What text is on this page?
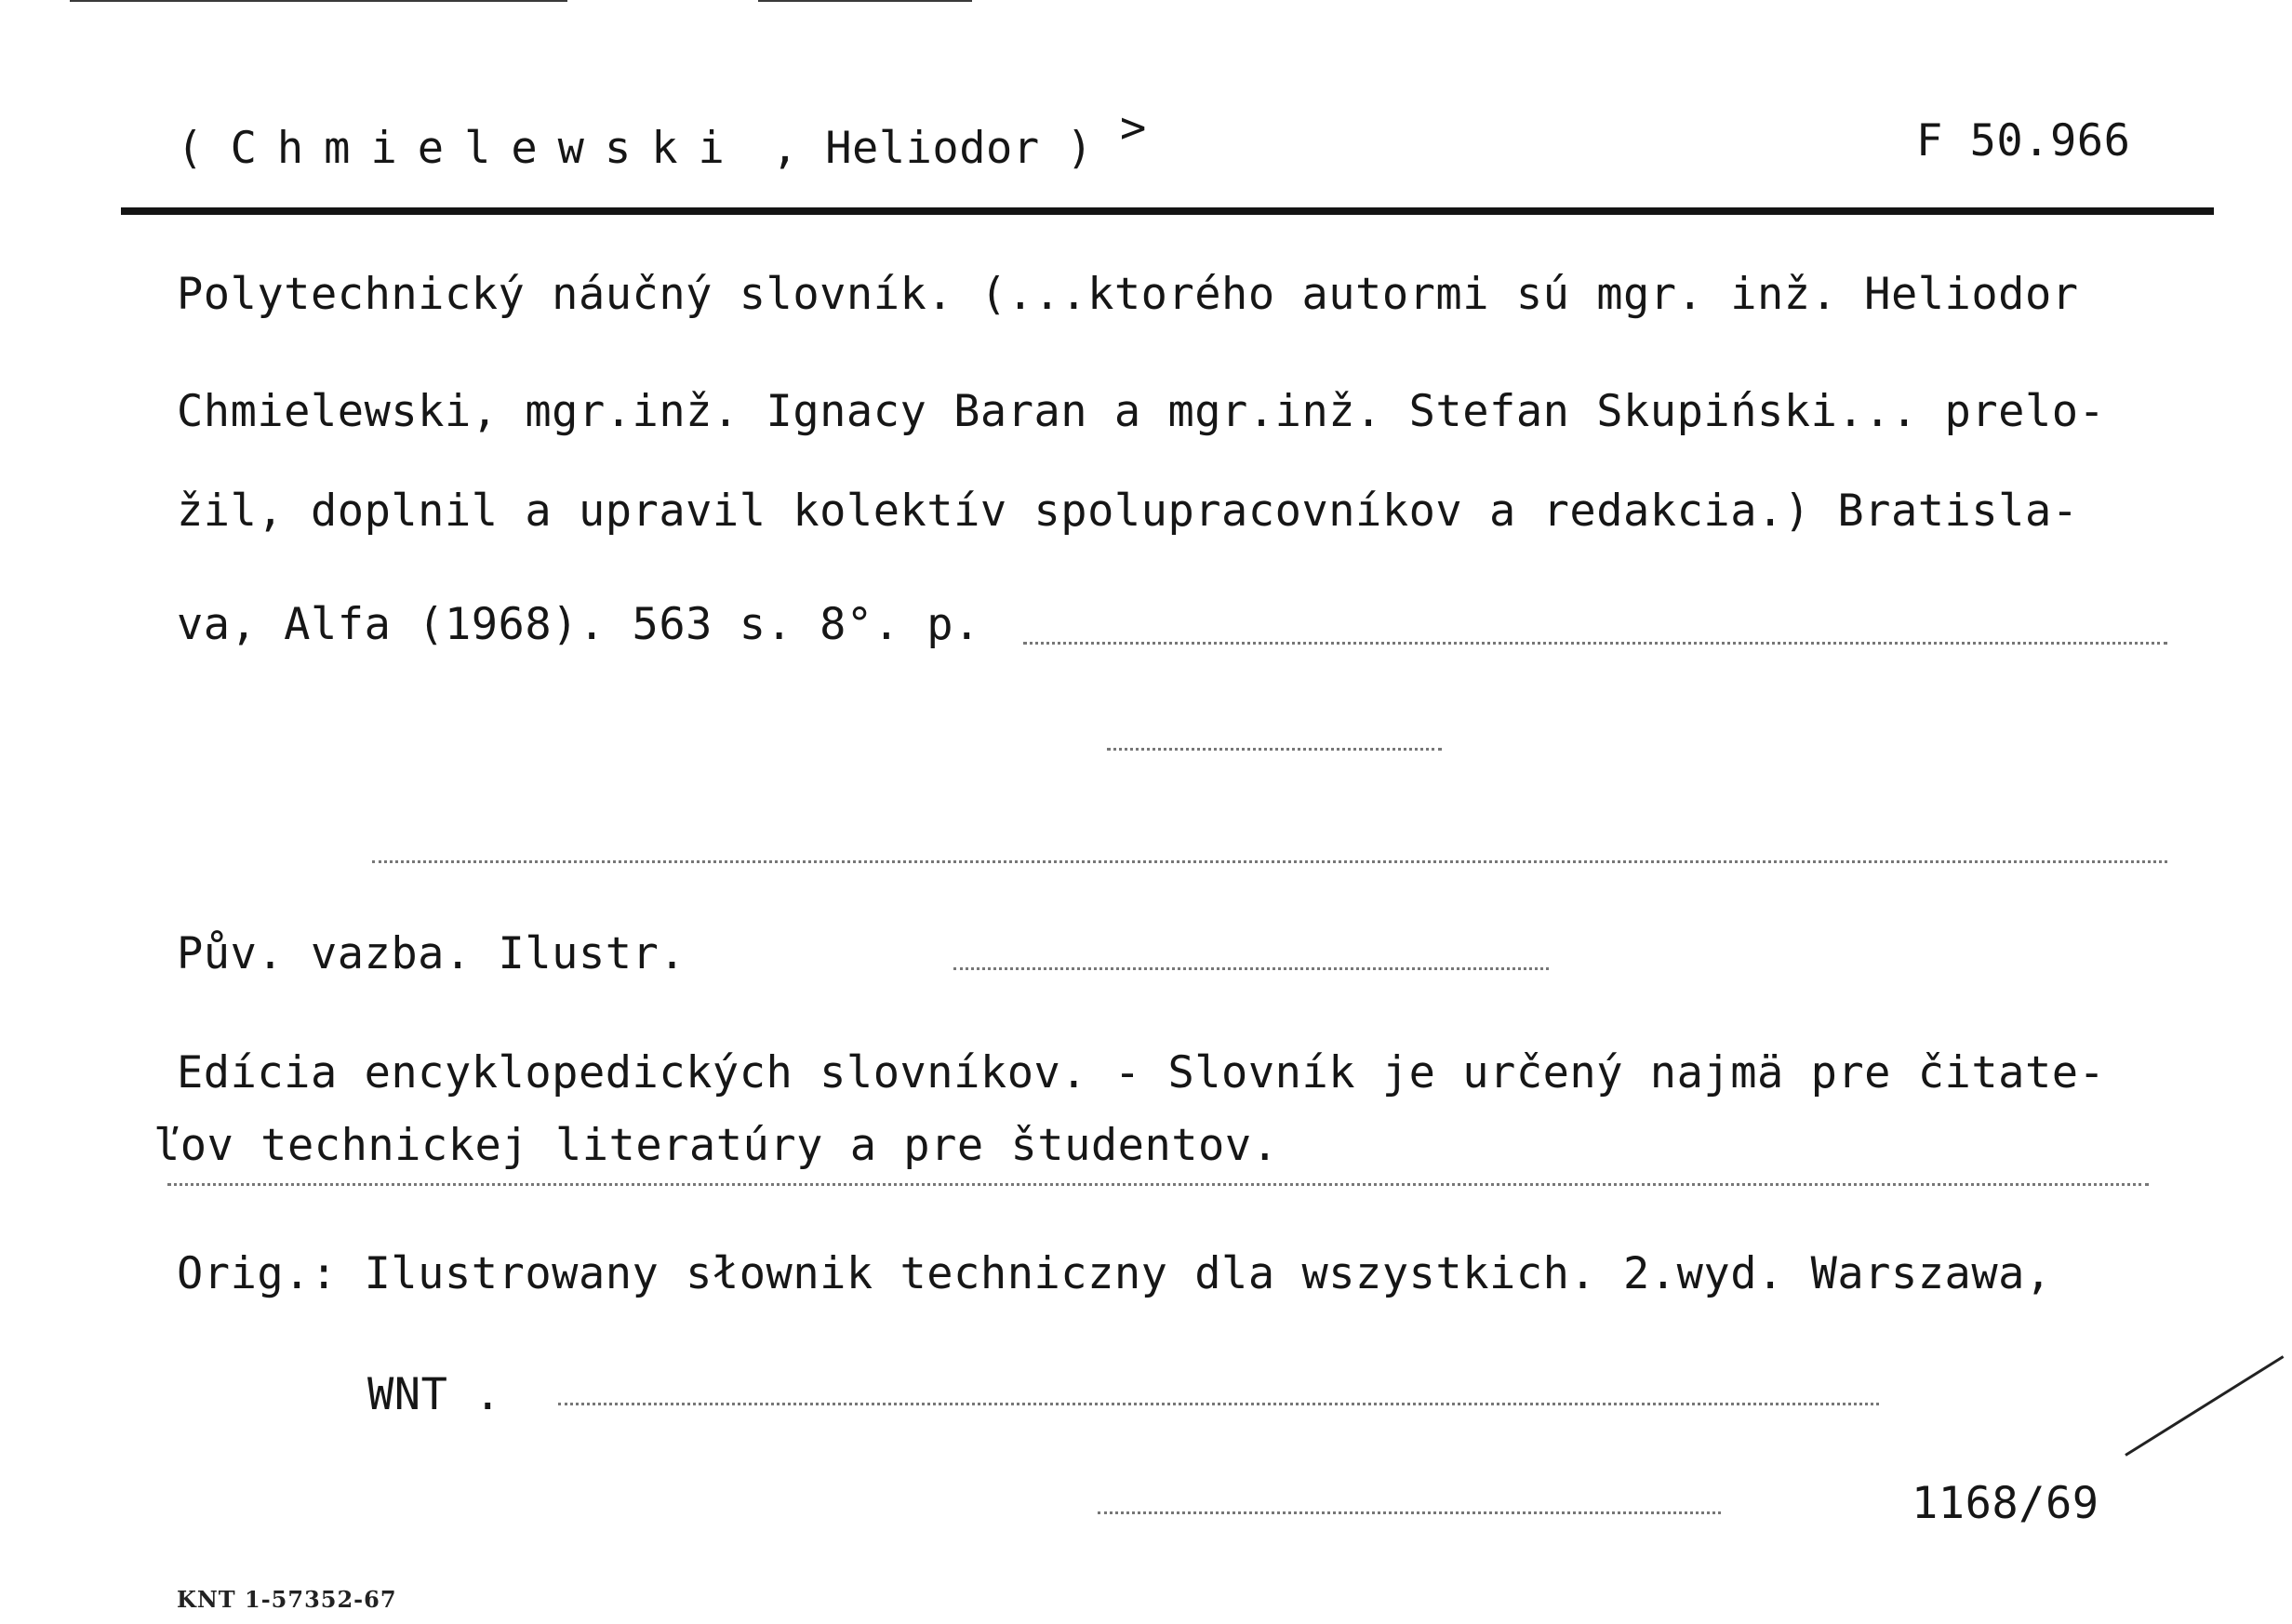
( Chmielewski , Heliodor ) >	F 50.966
Polytechnický náučný slovník. (...ktorého autormi sú mgr. inž. Heliodor
Chmielewski, mgr.inž. Ignacy Baran a mgr.inž. Stefan Skupiński... prelo-
žil, doplnil a upravil kolektív spolupracovníkov a redakcia.) Bratisla-
va, Alfa (1968). 563 s. 8°. p.
Pův. vazba. Ilustr.
Edícia encyklopedických slovníkov. - Slovník je určený najmä pre čitate-
ľov technickej literatúry a pre študentov.
Orig.: Ilustrowany słownik techniczny dla wszystkich. 2.wyd. Warszawa,
WNT .
1168/69
KNT 1-57352-67
